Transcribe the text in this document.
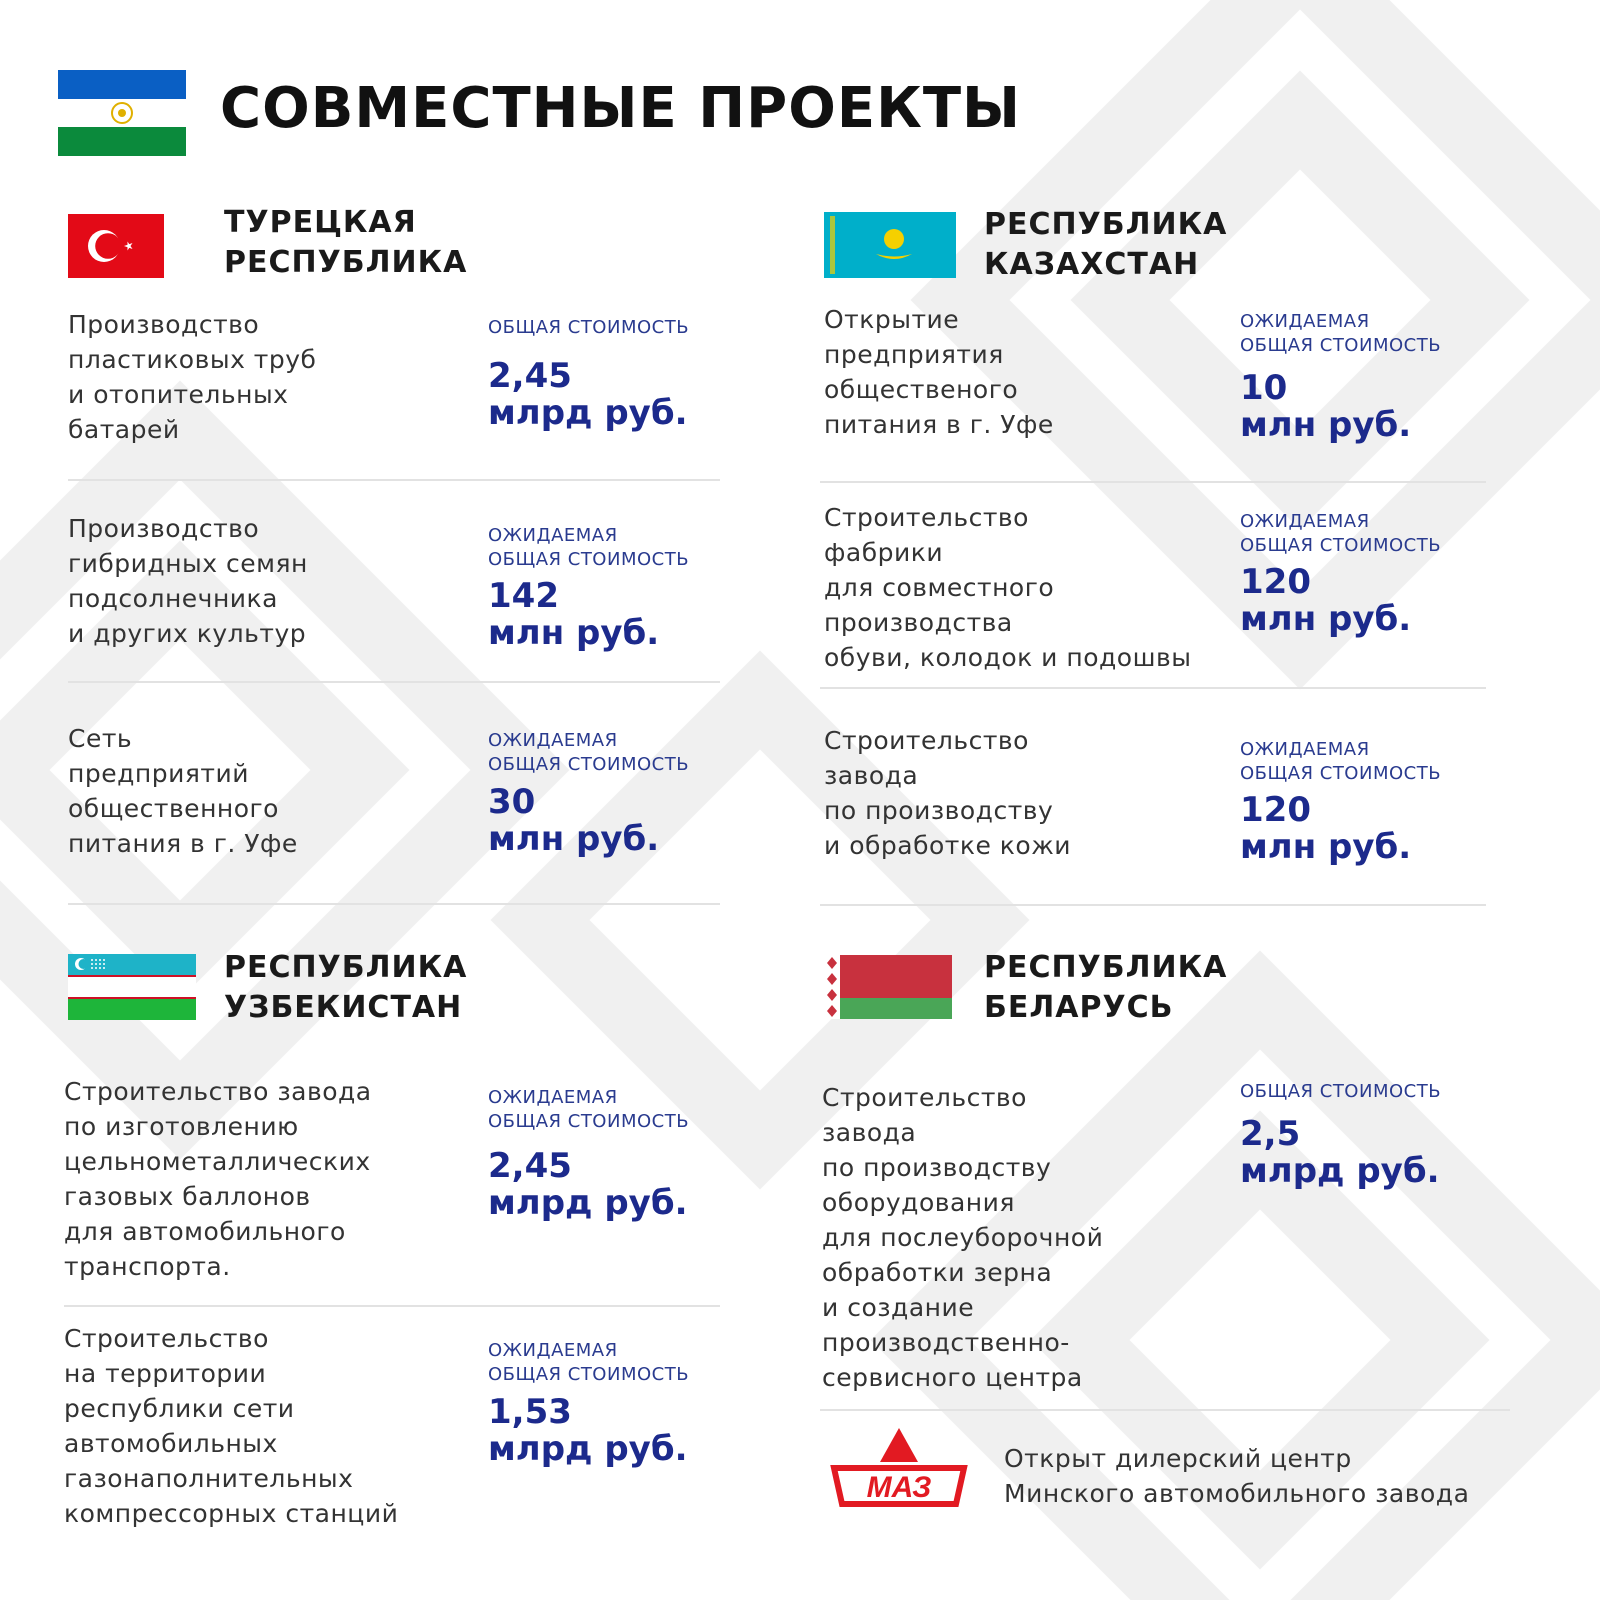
СОВМЕСТНЫЕ ПРОЕКТЫ
ТУРЕЦКАЯ
РЕСПУБЛИКА
Производство
пластиковых труб
и отопительных
батарей
ОБЩАЯ СТОИМОСТЬ
2,45
млрд руб.
Производство
гибридных семян
подсолнечника
и других культур
ОЖИДАЕМАЯ
ОБЩАЯ СТОИМОСТЬ
142
млн руб.
Сеть
предприятий
общественного
питания в г. Уфе
ОЖИДАЕМАЯ
ОБЩАЯ СТОИМОСТЬ
30
млн руб.
РЕСПУБЛИКА
КАЗАХСТАН
Открытие
предприятия
общественого
питания в г. Уфе
ОЖИДАЕМАЯ
ОБЩАЯ СТОИМОСТЬ
10
млн руб.
Строительство
фабрики
для совместного
производства
обуви, колодок и подошвы
ОЖИДАЕМАЯ
ОБЩАЯ СТОИМОСТЬ
120
млн руб.
Строительство
завода
по производству
и обработке кожи
ОЖИДАЕМАЯ
ОБЩАЯ СТОИМОСТЬ
120
млн руб.
РЕСПУБЛИКА
УЗБЕКИСТАН
Строительство завода
по изготовлению
цельнометаллических
газовых баллонов
для автомобильного
транспорта.
ОЖИДАЕМАЯ
ОБЩАЯ СТОИМОСТЬ
2,45
млрд руб.
Строительство
на территории
республики сети
автомобильных
газонаполнительных
компрессорных станций
ОЖИДАЕМАЯ
ОБЩАЯ СТОИМОСТЬ
1,53
млрд руб.
РЕСПУБЛИКА
БЕЛАРУСЬ
Строительство
завода
по производству
оборудования
для послеуборочной
обработки зерна
и создание
производственно-
сервисного центра
ОБЩАЯ СТОИМОСТЬ
2,5
млрд руб.
МАЗ
Открыт дилерский центр
Минского автомобильного завода
